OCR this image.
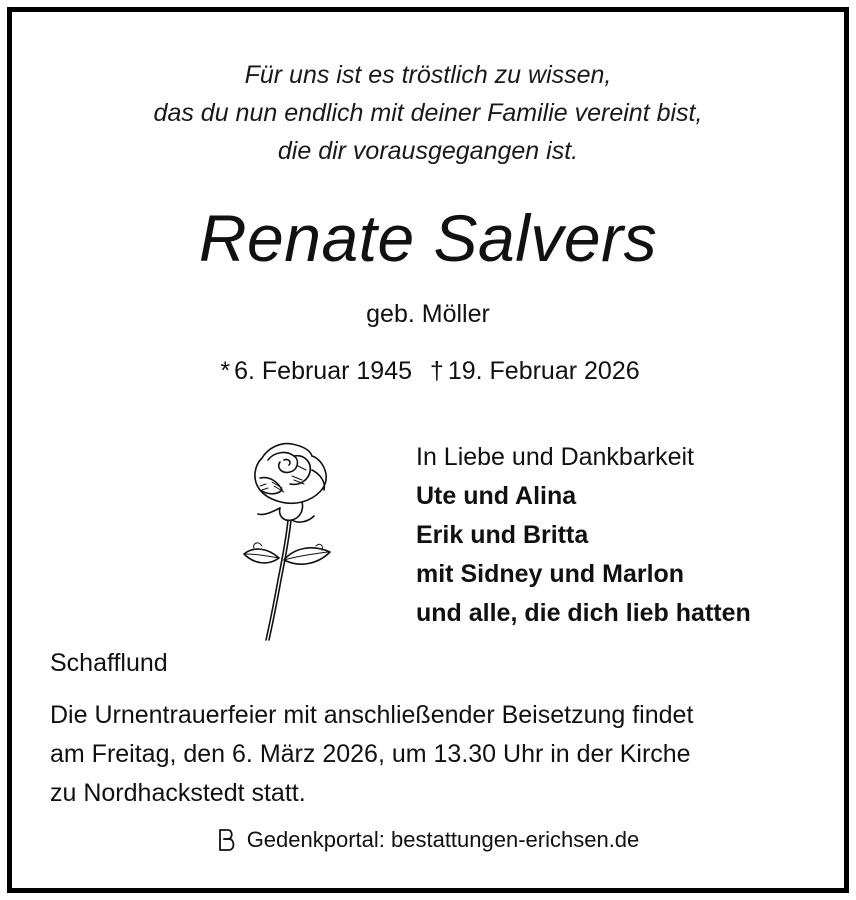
Für uns ist es tröstlich zu wissen,
das du nun endlich mit deiner Familie vereint bist,
die dir vorausgegangen ist.
Renate Salvers
geb. Möller
* 6. Februar 1945 † 19. Februar 2026
In Liebe und Dankbarkeit
Ute und Alina
Erik und Britta
mit Sidney und Marlon
und alle, die dich lieb hatten
Schafflund
Die Urnentrauerfeier mit anschließender Beisetzung findet
am Freitag, den 6. März 2026, um 13.30 Uhr in der Kirche
zu Nordhackstedt statt.
Gedenkportal: bestattungen-erichsen.de
